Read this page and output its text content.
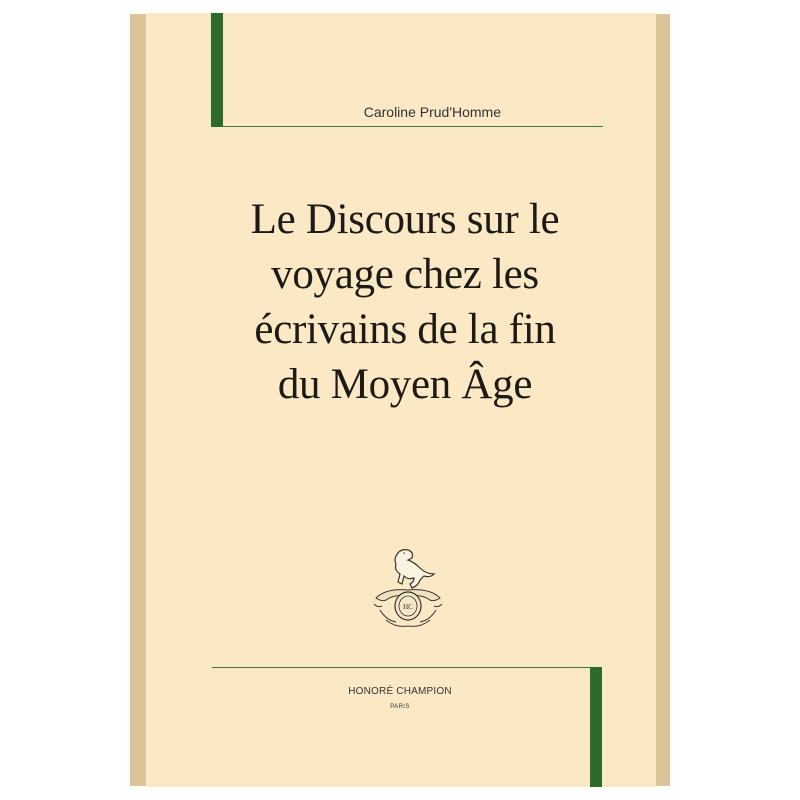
Caroline Prud'Homme
Le Discours sur le
voyage chez les
écrivains de la fin
du Moyen Âge
HC
HONORÉ CHAMPION
PARIS
